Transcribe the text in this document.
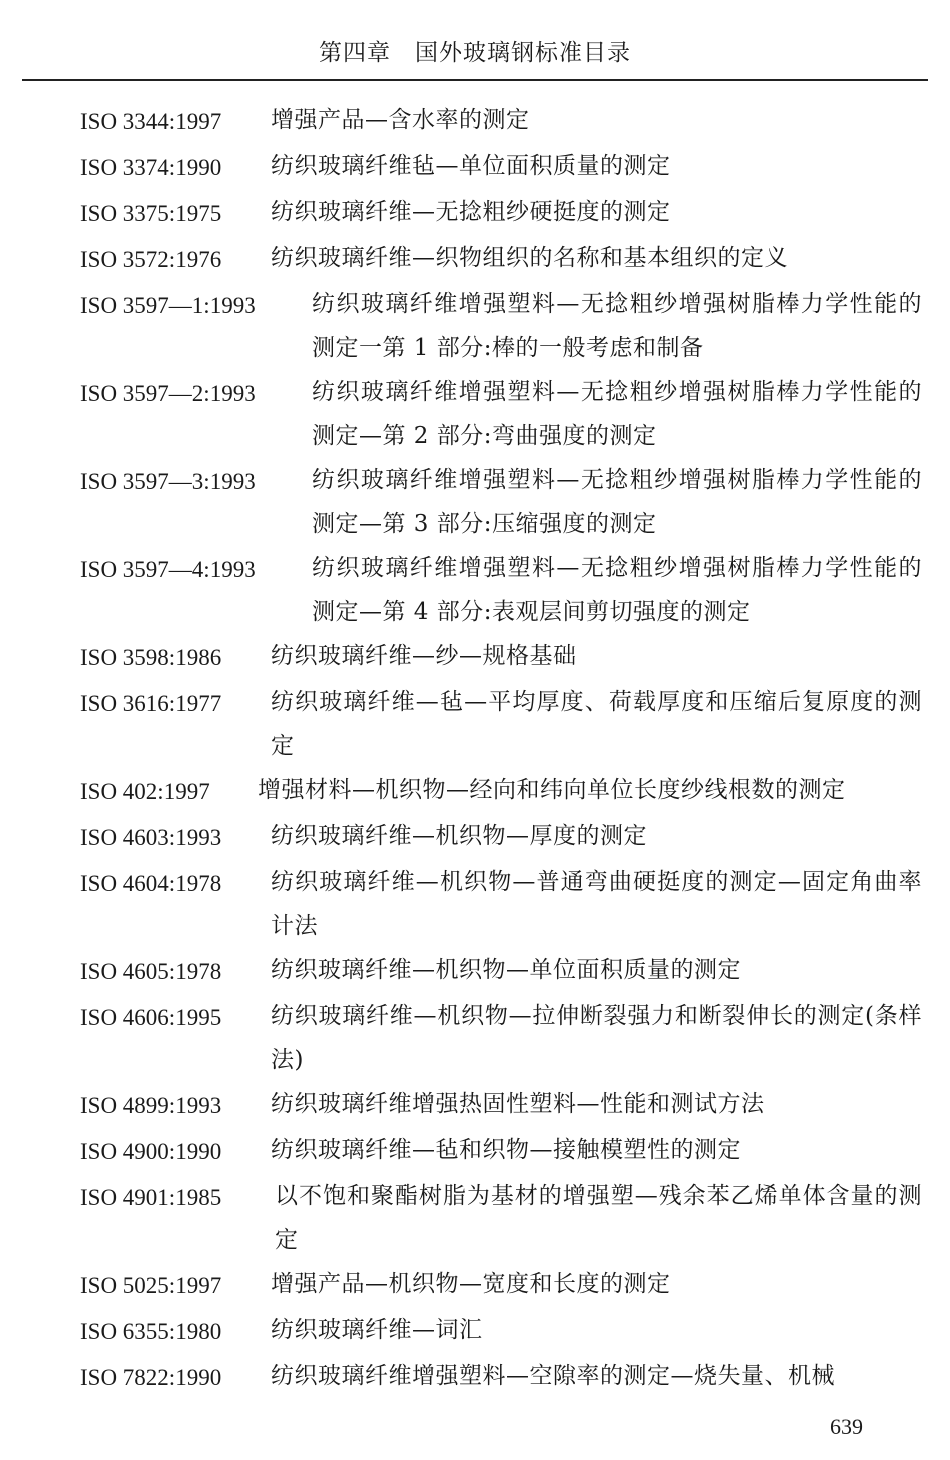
第四章　国外玻璃钢标准目录
ISO 3344:1997	增强产品—含水率的测定
ISO 3374:1990	纺织玻璃纤维毡—单位面积质量的测定
ISO 3375:1975	纺织玻璃纤维—无捻粗纱硬挺度的测定
ISO 3572:1976	纺织玻璃纤维—织物组织的名称和基本组织的定义
ISO 3597—1:1993	纺织玻璃纤维增强塑料—无捻粗纱增强树脂棒力学性能的测定一第 1 部分:棒的一般考虑和制备
ISO 3597—2:1993	纺织玻璃纤维增强塑料—无捻粗纱增强树脂棒力学性能的测定—第 2 部分:弯曲强度的测定
ISO 3597—3:1993	纺织玻璃纤维增强塑料—无捻粗纱增强树脂棒力学性能的测定—第 3 部分:压缩强度的测定
ISO 3597—4:1993	纺织玻璃纤维增强塑料—无捻粗纱增强树脂棒力学性能的测定—第 4 部分:表观层间剪切强度的测定
ISO 3598:1986	纺织玻璃纤维—纱—规格基础
ISO 3616:1977	纺织玻璃纤维—毡—平均厚度、荷载厚度和压缩后复原度的测定
ISO 402:1997	增强材料—机织物—经向和纬向单位长度纱线根数的测定
ISO 4603:1993	纺织玻璃纤维—机织物—厚度的测定
ISO 4604:1978	纺织玻璃纤维—机织物—普通弯曲硬挺度的测定—固定角曲率计法
ISO 4605:1978	纺织玻璃纤维—机织物—单位面积质量的测定
ISO 4606:1995	纺织玻璃纤维—机织物—拉伸断裂强力和断裂伸长的测定(条样法)
ISO 4899:1993	纺织玻璃纤维增强热固性塑料—性能和测试方法
ISO 4900:1990	纺织玻璃纤维—毡和织物—接触模塑性的测定
ISO 4901:1985	以不饱和聚酯树脂为基材的增强塑—残余苯乙烯单体含量的测定
ISO 5025:1997	增强产品—机织物—宽度和长度的测定
ISO 6355:1980	纺织玻璃纤维—词汇
ISO 7822:1990	纺织玻璃纤维增强塑料—空隙率的测定—烧失量、机械
639
